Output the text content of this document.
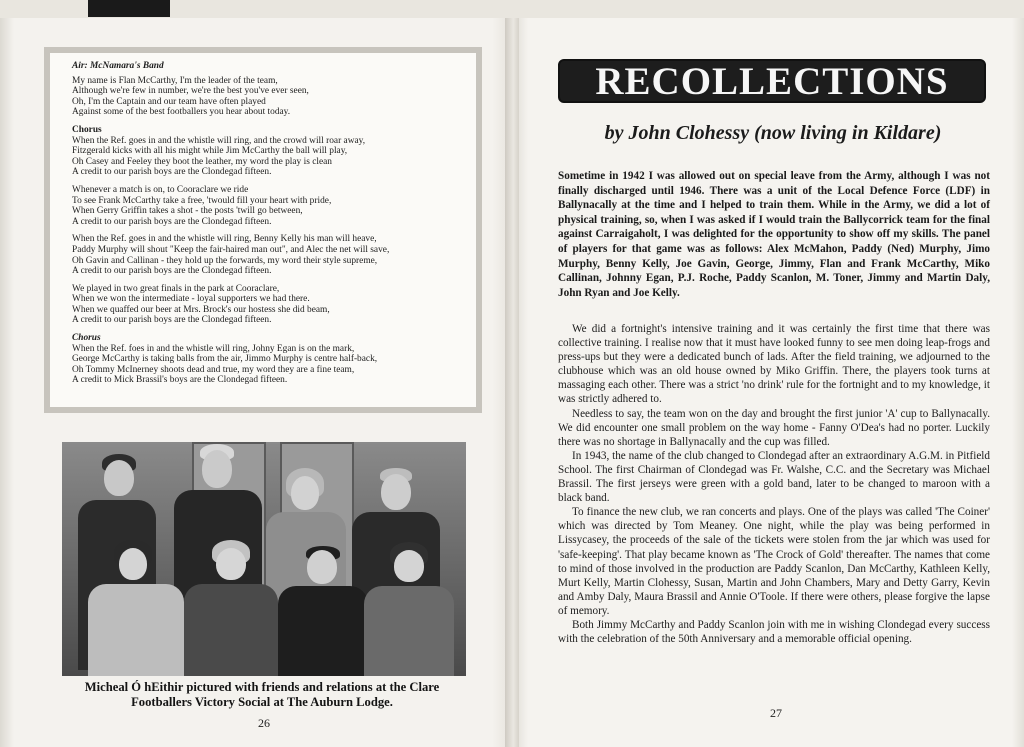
Air: McNamara's Band
My name is Flan McCarthy, I'm the leader of the team,
Although we're few in number, we're the best you've ever seen,
Oh, I'm the Captain and our team have often played
Against some of the best footballers you hear about today.
Chorus
When the Ref. goes in and the whistle will ring, and the crowd will roar away,
Fitzgerald kicks with all his might while Jim McCarthy the ball will play,
Oh Casey and Feeley they boot the leather, my word the play is clean
A credit to our parish boys are the Clondegad fifteen.
Whenever a match is on, to Cooraclare we ride
To see Frank McCarthy take a free, 'twould fill your heart with pride,
When Gerry Griffin takes a shot - the posts 'twill go between,
A credit to our parish boys are the Clondegad fifteen.
When the Ref. goes in and the whistle will ring, Benny Kelly his man will heave,
Paddy Murphy will shout "Keep the fair-haired man out", and Alec the net will save,
Oh Gavin and Callinan - they hold up the forwards, my word their style supreme,
A credit to our parish boys are the Clondegad fifteen.
We played in two great finals in the park at Cooraclare,
When we won the intermediate - loyal supporters we had there.
When we quaffed our beer at Mrs. Brock's our hostess she did beam,
A credit to our parish boys are the Clondegad fifteen.
Chorus
When the Ref. foes in and the whistle will ring, Johny Egan is on the mark,
George McCarthy is taking balls from the air, Jimmo Murphy is centre half-back,
Oh Tommy McInerney shoots dead and true, my word they are a fine team,
A credit to Mick Brassil's boys are the Clondegad fifteen.
Micheal Ó hEithir pictured with friends and relations at the Clare
Footballers Victory Social at The Auburn Lodge.
26
RECOLLECTIONS
by John Clohessy (now living in Kildare)
Sometime in 1942 I was allowed out on special leave from the Army, although I was not finally discharged until 1946. There was a unit of the Local Defence Force (LDF) in Ballynacally at the time and I helped to train them. While in the Army, we did a lot of physical training, so, when I was asked if I would train the Ballycorrick team for the final against Carraigaholt, I was delighted for the opportunity to show off my skills. The panel of players for that game was as follows: Alex McMahon, Paddy (Ned) Murphy, Jimo Murphy, Benny Kelly, Joe Gavin, George, Jimmy, Flan and Frank McCarthy, Miko Callinan, Johnny Egan, P.J. Roche, Paddy Scanlon, M. Toner, Jimmy and Martin Daly, John Ryan and Joe Kelly.

We did a fortnight's intensive training and it was certainly the first time that there was collective training. I realise now that it must have looked funny to see men doing leap-frogs and press-ups but they were a dedicated bunch of lads. After the field training, we adjourned to the clubhouse which was an old house owned by Miko Griffin. There, the players took turns at massaging each other. There was a strict 'no drink' rule for the fortnight and to my knowledge, it was strictly adhered to.

Needless to say, the team won on the day and brought the first junior 'A' cup to Ballynacally. We did encounter one small problem on the way home - Fanny O'Dea's had no porter. Luckily there was no shortage in Ballynacally and the cup was filled.

In 1943, the name of the club changed to Clondegad after an extraordinary A.G.M. in Pitfield School. The first Chairman of Clondegad was Fr. Walshe, C.C. and the Secretary was Michael Brassil. The first jerseys were green with a gold band, later to be changed to maroon with a black band.

To finance the new club, we ran concerts and plays. One of the plays was called 'The Coiner' which was directed by Tom Meaney. One night, while the play was being performed in Lissycasey, the proceeds of the sale of the tickets were stolen from the jar which was used for 'safe-keeping'. That play became known as 'The Crock of Gold' thereafter. The names that come to mind of those involved in the production are Paddy Scanlon, Dan McCarthy, Kathleen Kelly, Murt Kelly, Martin Clohessy, Susan, Martin and John Chambers, Mary and Detty Garry, Kevin and Amby Daly, Maura Brassil and Annie O'Toole. If there were others, please forgive the lapse of memory.

Both Jimmy McCarthy and Paddy Scanlon join with me in wishing Clondegad every success with the celebration of the 50th Anniversary and a memorable official opening.

27
